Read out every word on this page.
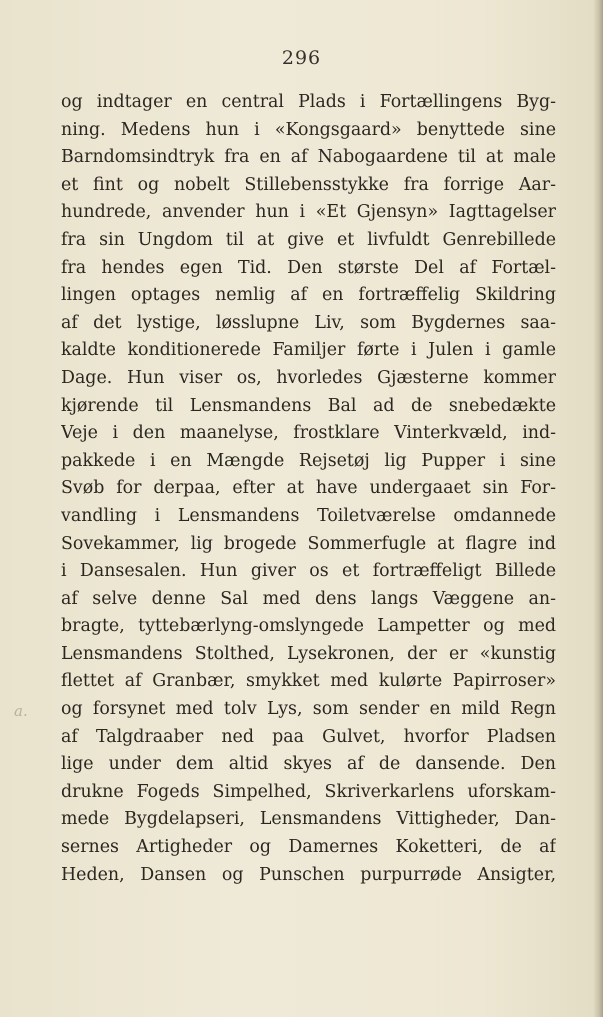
296
a.
og indtager en central Plads i Fortællingens Byg-
ning. Medens hun i «Kongsgaard» benyttede sine
Barndomsindtryk fra en af Nabogaardene til at male
et fint og nobelt Stillebensstykke fra forrige Aar-
hundrede, anvender hun i «Et Gjensyn» Iagttagelser
fra sin Ungdom til at give et livfuldt Genrebillede
fra hendes egen Tid. Den største Del af Fortæl-
lingen optages nemlig af en fortræffelig Skildring
af det lystige, løsslupne Liv, som Bygdernes saa-
kaldte konditionerede Familjer førte i Julen i gamle
Dage. Hun viser os, hvorledes Gjæsterne kommer
kjørende til Lensmandens Bal ad de snebedækte
Veje i den maanelyse, frostklare Vinterkvæld, ind-
pakkede i en Mængde Rejsetøj lig Pupper i sine
Svøb for derpaa, efter at have undergaaet sin For-
vandling i Lensmandens Toiletværelse omdannede
Sovekammer, lig brogede Sommerfugle at flagre ind
i Dansesalen. Hun giver os et fortræffeligt Billede
af selve denne Sal med dens langs Væggene an-
bragte, tyttebærlyng-omslyngede Lampetter og med
Lensmandens Stolthed, Lysekronen, der er «kunstig
flettet af Granbær, smykket med kulørte Papirroser»
og forsynet med tolv Lys, som sender en mild Regn
af Talgdraaber ned paa Gulvet, hvorfor Pladsen
lige under dem altid skyes af de dansende. Den
drukne Fogeds Simpelhed, Skriverkarlens uforskam-
mede Bygdelapseri, Lensmandens Vittigheder, Dan-
sernes Artigheder og Damernes Koketteri, de af
Heden, Dansen og Punschen purpurrøde Ansigter,
